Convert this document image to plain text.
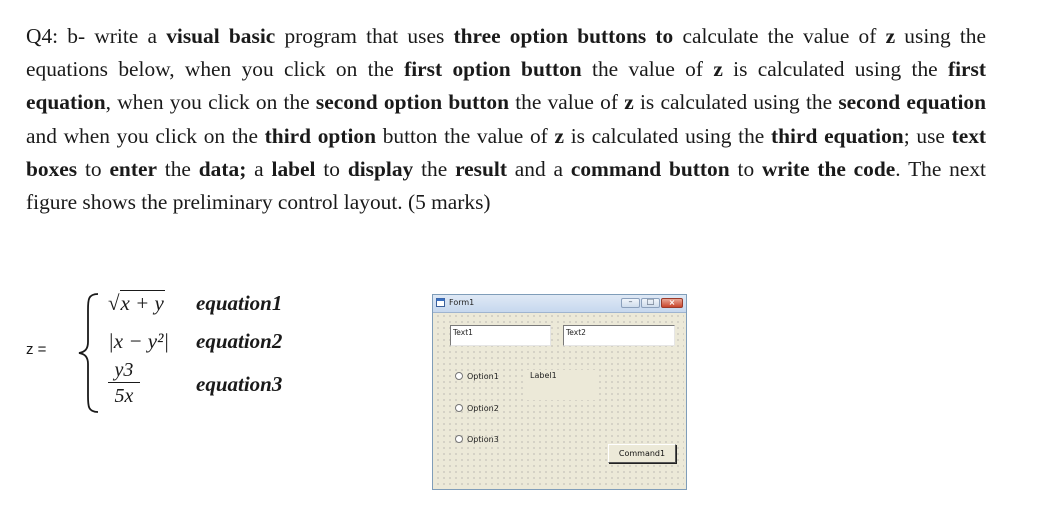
Q4: b- write a visual basic program that uses three option buttons to calculate the value of z using the equations below, when you click on the first option button the value of z is calculated using the first equation, when you click on the second option button the value of z is calculated using the second equation and when you click on the third option button the value of z is calculated using the third equation; use text boxes to enter the data; a label to display the result and a command button to write the code. The next figure shows the preliminary control layout. (5 marks)

z =
√x + y
|x − y²|
$\frac{y3}{5x}$
equation1
equation2
equation3
Form1	–	□	×
Text1	Text2
Option1
Option2
Option3
Label1
Command1
